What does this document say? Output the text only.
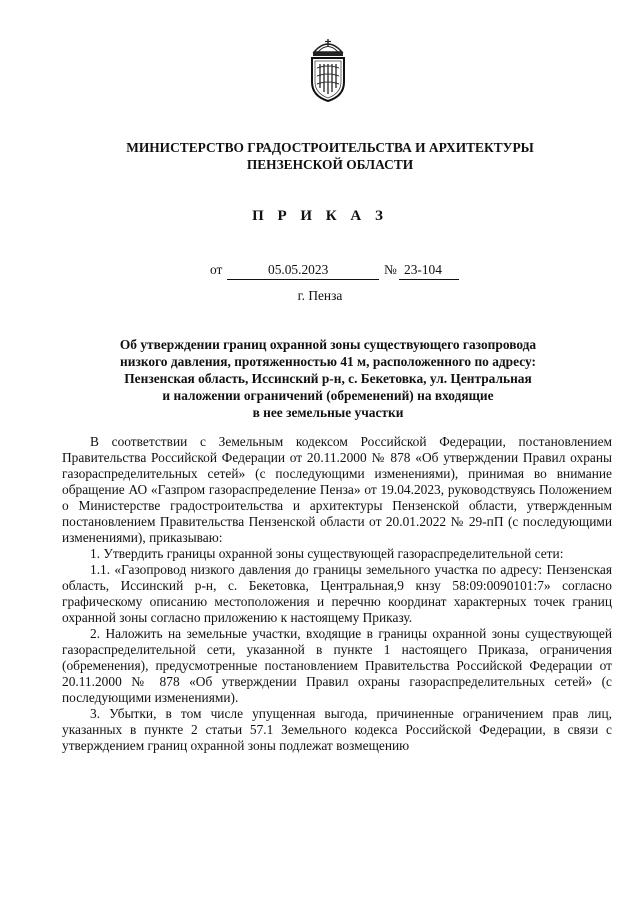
МИНИСТЕРСТВО ГРАДОСТРОИТЕЛЬСТВА И АРХИТЕКТУРЫ
ПЕНЗЕНСКОЙ ОБЛАСТИ
П Р И К А З
от	05.05.2023	№ 23-104
г. Пенза
Об утверждении границ охранной зоны существующего газопровода
низкого давления, протяженностью 41 м, расположенного по адресу:
Пензенская область, Иссинский р-н, с. Бекетовка, ул. Центральная
и наложении ограничений (обременений) на входящие
в нее земельные участки

В соответствии с Земельным кодексом Российской Федерации, постановлением Правительства Российской Федерации от 20.11.2000 № 878 «Об утверждении Правил охраны газораспределительных сетей» (с последующими изменениями), принимая во внимание обращение АО «Газпром газораспределение Пенза» от 19.04.2023, руководствуясь Положением о Министерстве градостроительства и архитектуры Пензенской области, утвержденным постановлением Правительства Пензенской области от 20.01.2022 № 29-пП (с последующими изменениями), приказываю:

1. Утвердить границы охранной зоны существующей газораспределительной сети:

1.1. «Газопровод низкого давления до границы земельного участка по адресу: Пензенская область, Иссинский р-н, с. Бекетовка, Центральная,9 кнзу 58:09:0090101:7» согласно графическому описанию местоположения и перечню координат характерных точек границ охранной зоны согласно приложению к настоящему Приказу.

2. Наложить на земельные участки, входящие в границы охранной зоны существующей газораспределительной сети, указанной в пункте 1 настоящего Приказа, ограничения (обременения), предусмотренные постановлением Правительства Российской Федерации от 20.11.2000 № 878 «Об утверждении Правил охраны газораспределительных сетей» (с последующими изменениями).

3. Убытки, в том числе упущенная выгода, причиненные ограничением прав лиц, указанных в пункте 2 статьи 57.1 Земельного кодекса Российской Федерации, в связи с утверждением границ охранной зоны подлежат возмещению
